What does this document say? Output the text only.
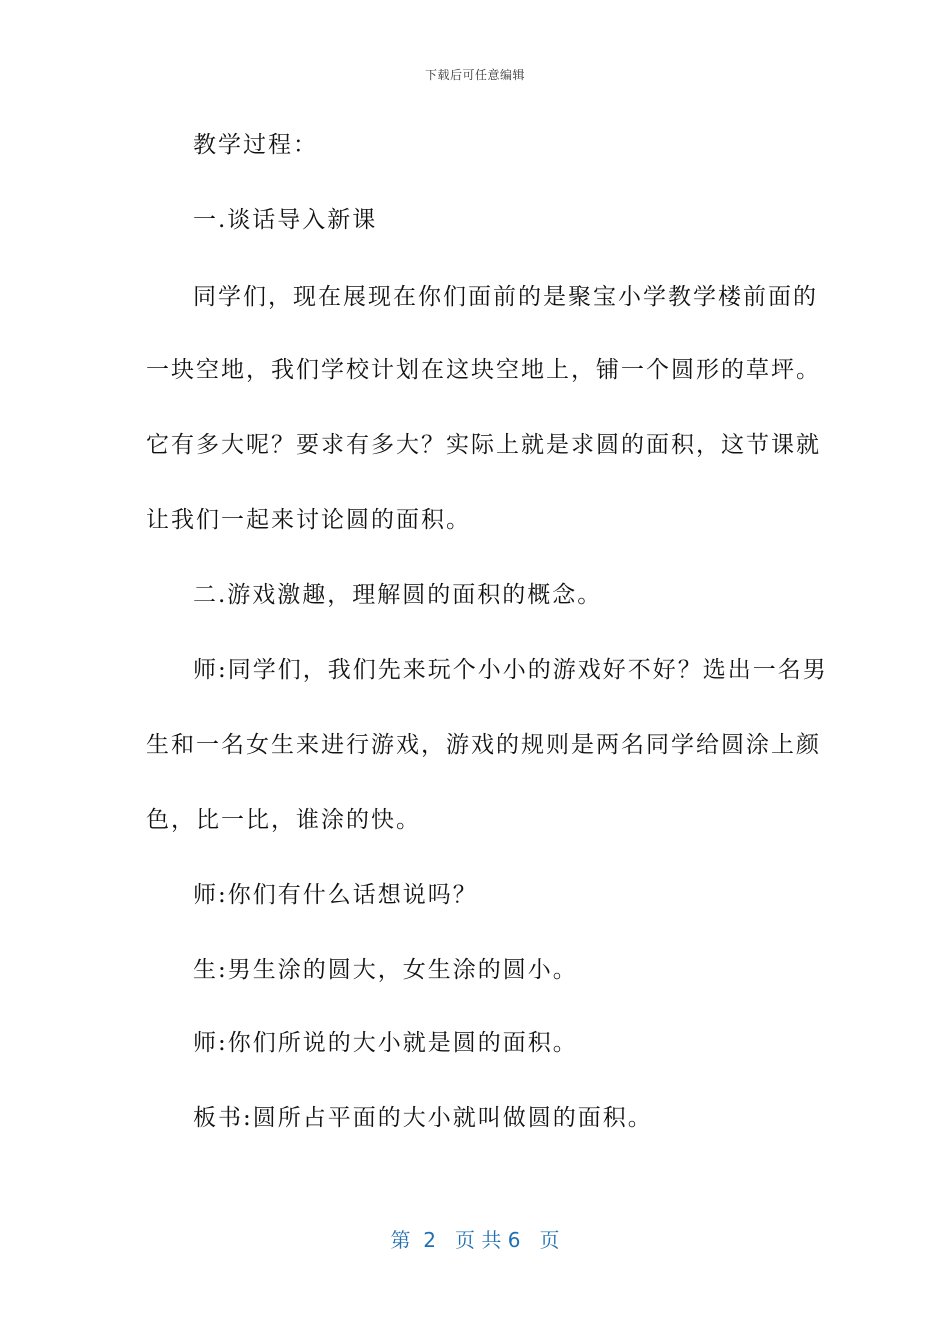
下载后可任意编辑
教学过程：
一.谈话导入新课
同学们，现在展现在你们面前的是聚宝小学教学楼前面的
一块空地，我们学校计划在这块空地上，铺一个圆形的草坪。
它有多大呢？要求有多大？实际上就是求圆的面积，这节课就
让我们一起来讨论圆的面积。
二.游戏激趣，理解圆的面积的概念。
师:同学们，我们先来玩个小小的游戏好不好？选出一名男
生和一名女生来进行游戏，游戏的规则是两名同学给圆涂上颜
色，比一比，谁涂的快。
师:你们有什么话想说吗？
生:男生涂的圆大，女生涂的圆小。
师:你们所说的大小就是圆的面积。
板书:圆所占平面的大小就叫做圆的面积。
第  2   页 共 6   页
